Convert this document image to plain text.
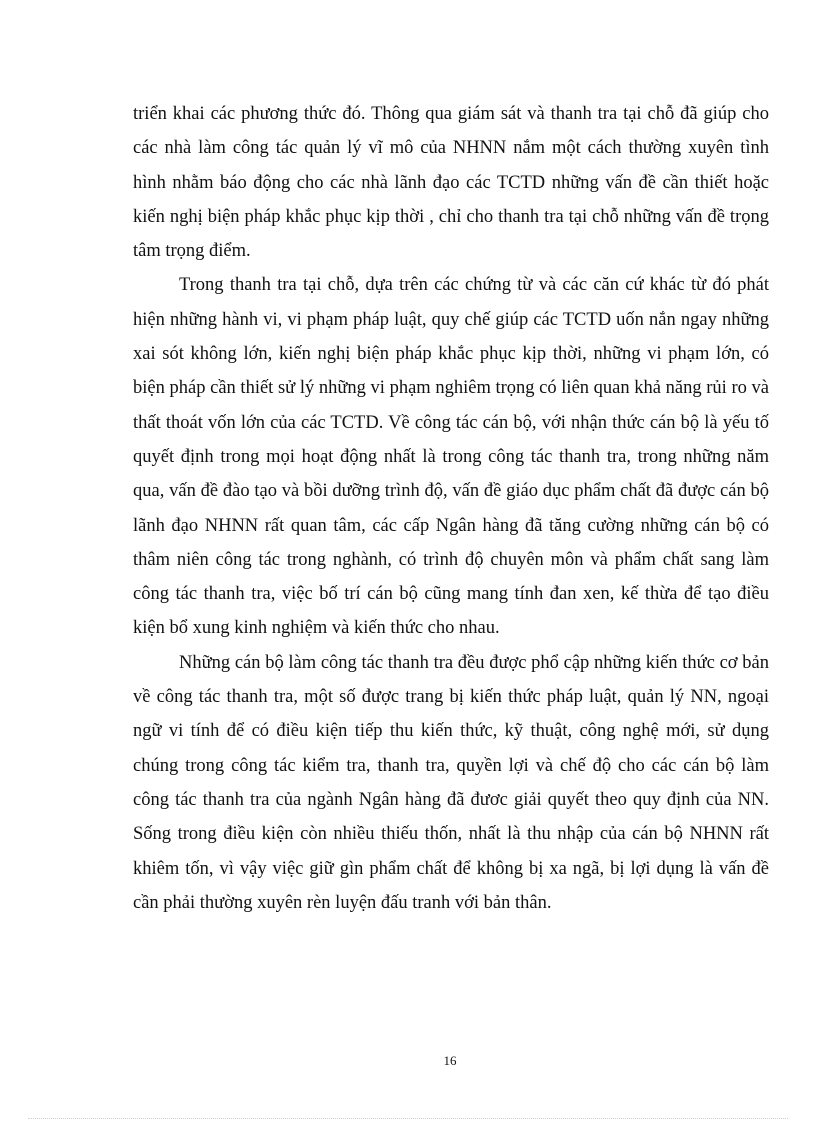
triển khai các phương thức đó. Thông qua giám sát và thanh tra tại chỗ đã giúp cho các nhà làm công tác quản lý vĩ mô của NHNN nắm một cách thường xuyên tình hình nhằm báo động cho các nhà lãnh đạo các TCTD những vấn đề cần thiết hoặc kiến nghị biện pháp khắc phục kịp thời , chỉ cho thanh tra tại chỗ những vấn đề trọng tâm trọng điểm.

Trong thanh tra tại chỗ, dựa trên các chứng từ và các căn cứ khác từ đó phát hiện những hành vi, vi phạm pháp luật, quy chế giúp các TCTD uốn nắn ngay những xai sót không lớn, kiến nghị biện pháp khắc phục kịp thời, những vi phạm lớn, có biện pháp cần thiết sử lý những vi phạm nghiêm trọng có liên quan khả năng rủi ro và thất thoát vốn lớn của các TCTD. Về công tác cán bộ, với nhận thức cán bộ là yếu tố quyết định trong mọi hoạt động nhất là trong công tác thanh tra, trong những năm qua, vấn đề đào tạo và bồi dưỡng trình độ, vấn đề giáo dục phẩm chất đã được cán bộ lãnh đạo NHNN rất quan tâm, các cấp Ngân hàng đã tăng cường những cán bộ có thâm niên công tác trong nghành, có trình độ chuyên môn và phẩm chất sang làm công tác thanh tra, việc bố trí cán bộ cũng mang tính đan xen, kế thừa để tạo điều kiện bổ xung kinh nghiệm và kiến thức cho nhau.

Những cán bộ làm công tác thanh tra đều được phổ cập những kiến thức cơ bản về công tác thanh tra, một số được trang bị kiến thức pháp luật, quản lý NN, ngoại ngữ vi tính để có điều kiện tiếp thu kiến thức, kỹ thuật, công nghệ mới, sử dụng chúng trong công tác kiểm tra, thanh tra, quyền lợi và chế độ cho các cán bộ làm công tác thanh tra của ngành Ngân hàng đã đươc giải quyết theo quy định của NN. Sống trong điều kiện còn nhiều thiếu thốn, nhất là thu nhập của cán bộ NHNN rất khiêm tốn, vì vậy việc giữ gìn phẩm chất để không bị xa ngã, bị lợi dụng là vấn đề cần phải thường xuyên rèn luyện đấu tranh với bản thân.

16
